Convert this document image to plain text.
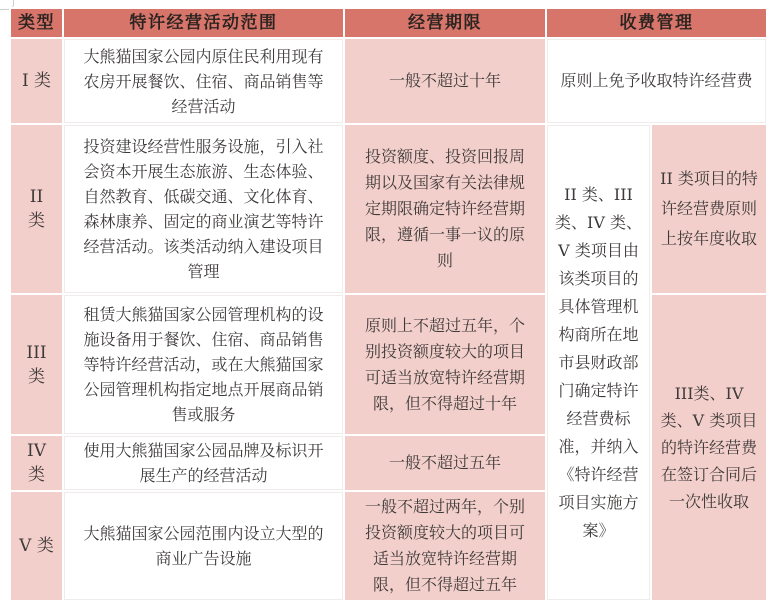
类型	特许经营活动范围	经营期限	收费管理	
I 类	大熊猫国家公园内原住民利用现有农房开展餐饮、住宿、商品销售等经营活动	一般不超过十年	原则上免予收取特许经营费	
II 类	投资建设经营性服务设施，引入社会资本开展生态旅游、生态体验、自然教育、低碳交通、文化体育、森林康养、固定的商业演艺等特许经营活动。该类活动纳入建设项目管理	投资额度、投资回报周期以及国家有关法律规定期限确定特许经营期限，遵循一事一议的原则	II 类、III 类、IV 类、V 类项目由该类项目的具体管理机构商所在地市县财政部门确定特许经营费标准，并纳入《特许经营项目实施方案》	II 类项目的特许经营费原则上按年度收取
III类	租赁大熊猫国家公园管理机构的设施设备用于餐饮、住宿、商品销售等特许经营活动，或在大熊猫国家公园管理机构指定地点开展商品销售或服务	原则上不超过五年，个别投资额度较大的项目可适当放宽特许经营期限，但不得超过十年		III类、IV 类、V 类项目的特许经营费在签订合同后一次性收取
IV类	使用大熊猫国家公园品牌及标识开展生产的经营活动	一般不超过五年		
V 类	大熊猫国家公园范围内设立大型的商业广告设施	一般不超过两年，个别投资额度较大的项目可适当放宽特许经营期限，但不得超过五年		
